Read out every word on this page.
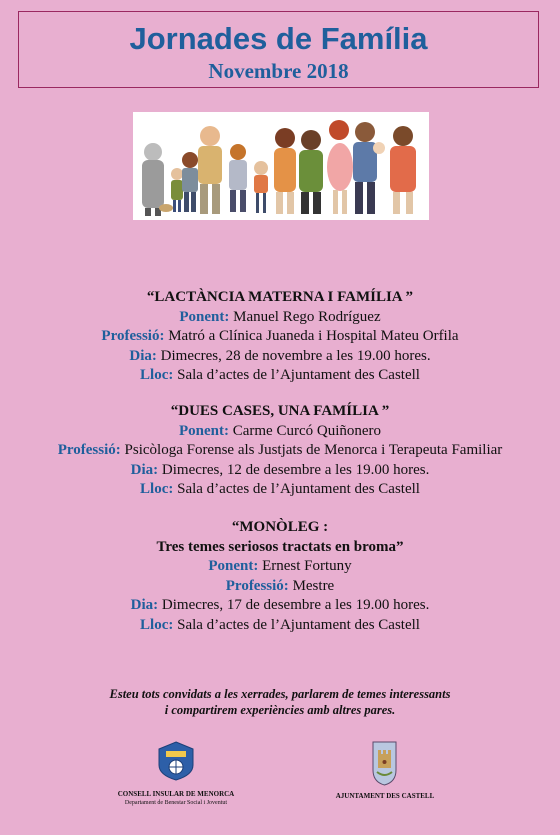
Jornades de Família
Novembre 2018
“LACTÀNCIA MATERNA I FAMÍLIA ”
Ponent: Manuel Rego Rodríguez
Professió: Matró a Clínica Juaneda i Hospital Mateu Orfila
Dia: Dimecres, 28 de novembre a les 19.00 hores.
Lloc: Sala d’actes de l’Ajuntament des Castell
“DUES CASES, UNA FAMÍLIA ”
Ponent: Carme Curcó Quiñonero
Professió: Psicòloga Forense als Justjats de Menorca i Terapeuta Familiar
Dia: Dimecres, 12 de desembre a les 19.00 hores.
Lloc: Sala d’actes de l’Ajuntament des Castell
“MONÒLEG :
Tres temes seriosos tractats en broma”
Ponent: Ernest Fortuny
Professió: Mestre
Dia: Dimecres, 17 de desembre a les 19.00 hores.
Lloc: Sala d’actes de l’Ajuntament des Castell
Esteu tots convidats a les xerrades, parlarem de temes interessants
i compartirem experiències amb altres pares.
CONSELL INSULAR DE MENORCA
Departament de Benestar Social i Joventut
AJUNTAMENT DES CASTELL
